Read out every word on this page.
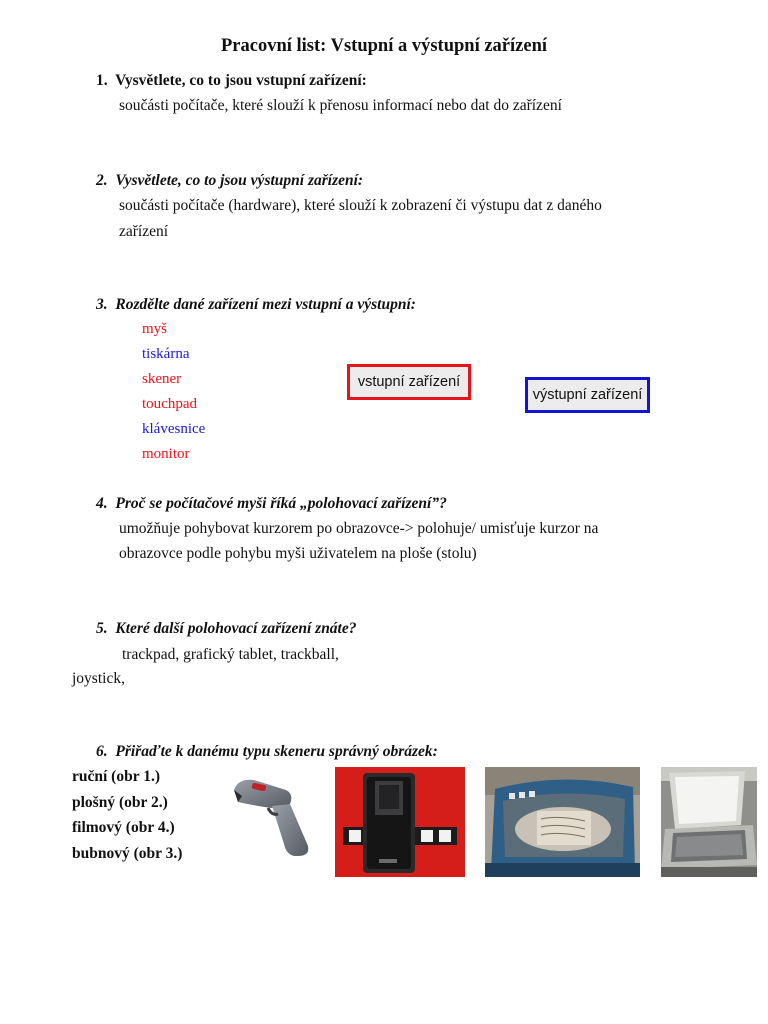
Pracovní list: Vstupní a výstupní zařízení
1. Vysvětlete, co to jsou vstupní zařízení:
součásti počítače, které slouží k přenosu informací nebo dat do zařízení
2. Vysvětlete, co to jsou výstupní zařízení:
součásti počítače (hardware), které slouží k zobrazení či výstupu dat z daného
zařízení
3. Rozdělte dané zařízení mezi vstupní a výstupní:
myš
tiskárna
skener
touchpad
klávesnice
monitor
vstupní zařízení
výstupní zařízení
4. Proč se počítačové myši říká „polohovací zařízení”?
umožňuje pohybovat kurzorem po obrazovce-> polohuje/ umisťuje kurzor na
obrazovce podle pohybu myši uživatelem na ploše (stolu)
5. Které další polohovací zařízení znáte?
trackpad, grafický tablet, trackball,
joystick,
6. Přiřaďte k danému typu skeneru správný obrázek:
ruční (obr 1.)
plošný (obr 2.)
filmový (obr 4.)
bubnový (obr 3.)
